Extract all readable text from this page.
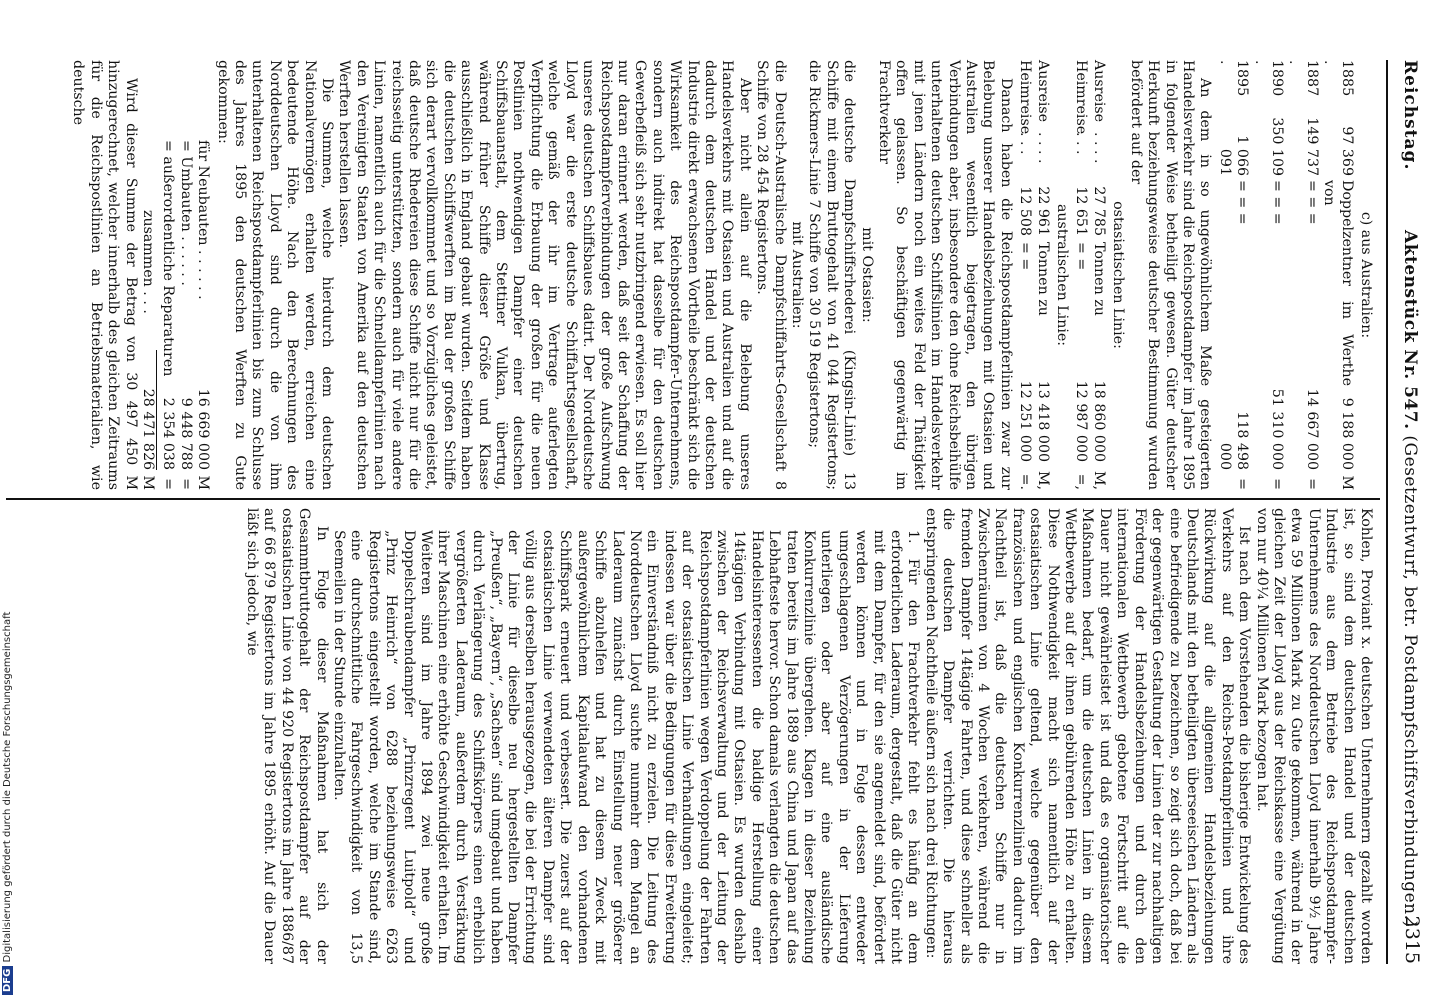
Reichstag.
Aktenstück Nr. 547. (Gesetzentwurf, betr. Postdampfschiffsverbindungen.)
2315

c) aus Australien:

1885 .
97 369
Doppelzentner im Werthe von
9 188 000
M
1887 .
149 737
= = =
14 667 000
=
1890 .
350 109
= = =
51 310 000
=
1895 .
1 066 091
= = =
118 498 000
=

An dem in so ungewöhnlichem Maße gesteigerten Handelsverkehr sind die Reichspostdampfer im Jahre 1895 in folgender Weise betheiligt gewesen. Güter deutscher Herkunft beziehungsweise deutscher Bestimmung wurden befördert auf der

ostasiatischen Linie:

Ausreise
. . . .
27 785
Tonnen zu
18 860 000
M,
Heimreise
. . .
12 651
= =
12 987 000
=,

australischen Linie:

Ausreise
. . . .
22 961
Tonnen zu
13 418 000
M,
Heimreise
. . .
12 508
= =
12 251 000
=.

Danach haben die Reichspostdampferlinien zwar zur Belebung unserer Handelsbeziehungen mit Ostasien und Australien wesentlich beigetragen, den übrigen Verbindungen aber, insbesondere den ohne Reichsbeihülfe unterhaltenen deutschen Schiffslinien im Handelsverkehr mit jenen Ländern noch ein weites Feld der Thätigkeit offen gelassen. So beschäftigen gegenwärtig im Frachtverkehr

mit Ostasien:

die deutsche Dampfschiffsrhederei (Kingsin-Linie) 13 Schiffe mit einem Bruttogehalt von 41 044 Registertons; die Rickmers-Linie 7 Schiffe von 30 519 Registertons;

mit Australien:

die Deutsch-Australische Dampfschiffahrts-Gesellschaft 8 Schiffe von 28 454 Registertons.

Aber nicht allein auf die Belebung unseres Handelsverkehrs mit Ostasien und Australien und auf die dadurch dem deutschen Handel und der deutschen Industrie direkt erwachsenen Vortheile beschränkt sich die Wirksamkeit des Reichspostdampfer-Unternehmens, sondern auch indirekt hat dasselbe für den deutschen Gewerbefleiß sich sehr nutzbringend erwiesen. Es soll hier nur daran erinnert werden, daß seit der Schaffung der Reichspostdampferverbindungen der große Aufschwung unseres deutschen Schiffsbaues datirt. Der Norddeutsche Lloyd war die erste deutsche Schiffahrtsgesellschaft, welche gemäß der ihr im Vertrage auferlegten Verpflichtung die Erbauung der großen für die neuen Postlinien nothwendigen Dampfer einer deutschen Schiffsbauanstalt, dem Stettiner Vulkan, übertrug, während früher Schiffe dieser Größe und Klasse ausschließlich in England gebaut wurden. Seitdem haben die deutschen Schiffswerften im Bau der großen Schiffe sich derart vervollkommnet und so Vorzügliches geleistet, daß deutsche Rhedereien diese Schiffe nicht nur für die reichsseitig unterstützten, sondern auch für viele andere Linien, namentlich auch für die Schnelldampferlinien nach den Vereinigten Staaten von Amerika auf den deutschen Werften herstellen lassen.

Die Summen, welche hierdurch dem deutschen Nationalvermögen erhalten werden, erreichen eine bedeutende Höhe. Nach den Berechnungen des Norddeutschen Lloyd sind durch die von ihm unterhaltenen Reichspostdampferlinien bis zum Schlusse des Jahres 1895 den deutschen Werften zu Gute gekommen:

für Neubauten . . . . . .
16 669 000
M
= Umbauten . . . . . .
9 448 788
=
= außerordentliche Reparaturen
2 354 038
=
zusammen . . .
28 471 826
M

Wird dieser Summe der Betrag von 30 497 450 M hinzugerechnet, welcher innerhalb des gleichen Zeitraums für die Reichspostlinien an Betriebsmaterialien, wie deutsche

Kohlen, Proviant x. deutschen Unternehmern gezahlt worden ist, so sind dem deutschen Handel und der deutschen Industrie aus dem Betriebe des Reichspostdampfer-Unternehmens des Norddeutschen Lloyd innerhalb 9½ Jahre etwa 59 Millionen Mark zu Gute gekommen, während in der gleichen Zeit der Lloyd aus der Reichskasse eine Vergütung von nur 40¼ Millionen Mark bezogen hat.

Ist nach dem Vorstehenden die bisherige Entwickelung des Verkehrs auf den Reichs-Postdampferlinien und ihre Rückwirkung auf die allgemeinen Handelsbeziehungen Deutschlands mit den betheiligten überseeischen Ländern als eine befriedigende zu bezeichnen, so zeigt sich doch, daß bei der gegenwärtigen Gestaltung der Linien der zur nachhaltigen Förderung der Handelsbeziehungen und durch den internationalen Wettbewerb gebotene Fortschritt auf die Dauer nicht gewährleistet ist und daß es organisatorischer Maßnahmen bedarf, um die deutschen Linien in diesem Wettbewerbe auf der ihnen gebührenden Höhe zu erhalten. Diese Nothwendigkeit macht sich namentlich auf der ostasiatischen Linie geltend, welche gegenüber den französischen und englischen Konkurrenzlinien dadurch im Nachtheil ist, daß die deutschen Schiffe nur in Zwischenräumen von 4 Wochen verkehren, während die fremden Dampfer 14tägige Fahrten, und diese schneller als die deutschen Dampfer verrichten. Die hieraus entspringenden Nachtheile äußern sich nach drei Richtungen:

1. Für den Frachtverkehr fehlt es häufig an dem erforderlichen Laderaum, dergestalt, daß die Güter nicht mit dem Dampfer, für den sie angemeldet sind, befördert werden können und in Folge dessen entweder umgeschlagenen Verzögerungen in der Lieferung unterliegen oder aber auf eine ausländische Konkurrenzlinie übergehen. Klagen in dieser Beziehung traten bereits im Jahre 1889 aus China und Japan auf das Lebhafteste hervor. Schon damals verlangten die deutschen Handelsinteressenten die baldige Herstellung einer 14tägigen Verbindung mit Ostasien. Es wurden deshalb zwischen der Reichsverwaltung und der Leitung der Reichspostdampferlinien wegen Verdoppelung der Fahrten auf der ostasiatischen Linie Verhandlungen eingeleitet; indessen war über die Bedingungen für diese Erweiterung ein Einverständniß nicht zu erzielen. Die Leitung des Norddeutschen Lloyd suchte nunmehr dem Mangel an Laderaum zunächst durch Einstellung neuer größerer Schiffe abzuhelfen und hat zu diesem Zweck mit außergewöhnlichem Kapitalaufwand den vorhandenen Schiffspark erneuert und verbessert. Die zuerst auf der ostasiatischen Linie verwendeten älteren Dampfer sind völlig aus derselben herausgezogen, die bei der Errichtung der Linie für dieselbe neu hergestellten Dampfer „Preußen“, „Bayern“, „Sachsen“ sind umgebaut und haben durch Verlängerung des Schiffskörpers einen erheblich vergrößerten Laderaum, außerdem durch Verstärkung ihrer Maschinen eine erhöhte Geschwindigkeit erhalten. Im Weiteren sind im Jahre 1894 zwei neue große Doppelschraubendampfer „Prinzregent Luitpold“ und „Prinz Heinrich“ von 6288 beziehungsweise 6263 Registertons eingestellt worden, welche im Stande sind, eine durchschnittliche Fahrgeschwindigkeit von 13,5 Seemeilen in der Stunde einzuhalten.

In Folge dieser Maßnahmen hat sich der Gesammtbruttogehalt der Reichspostdampfer auf der ostasiatischen Linie von 44 920 Registertons im Jahre 1886/87 auf 66 879 Registertons im Jahre 1895 erhöht. Auf die Dauer läßt sich jedoch, wie

DFG Digitalisierung gefördert durch die Deutsche Forschungsgemeinschaft
